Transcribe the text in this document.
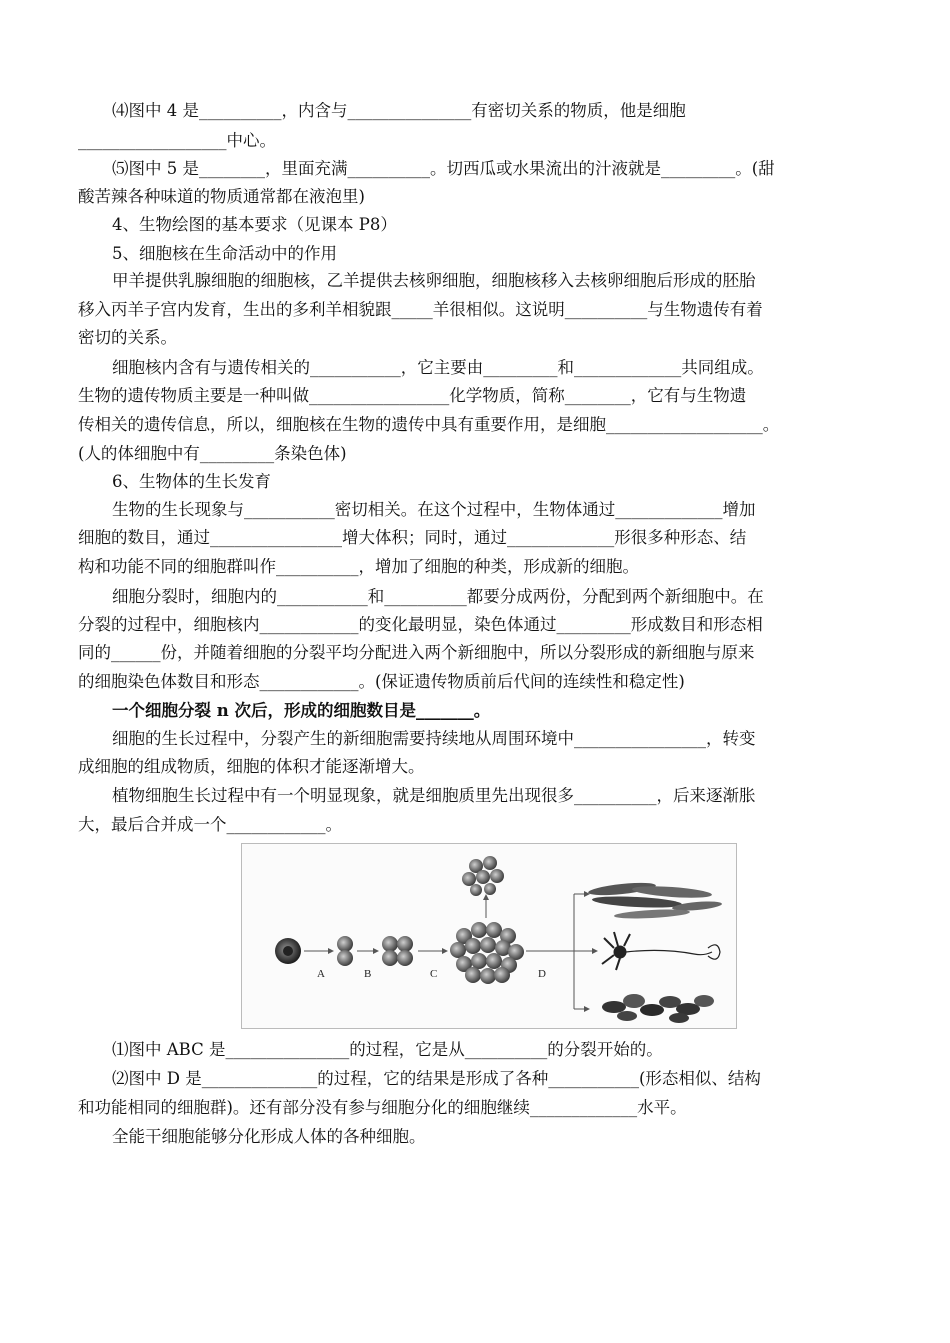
⑷图中 4 是__________，内含与_______________有密切关系的物质，他是细胞
__________________中心。
⑸图中 5 是________，里面充满__________。切西瓜或水果流出的汁液就是_________。(甜
酸苦辣各种味道的物质通常都在液泡里)
4、生物绘图的基本要求（见课本 P8）
5、细胞核在生命活动中的作用
甲羊提供乳腺细胞的细胞核，乙羊提供去核卵细胞，细胞核移入去核卵细胞后形成的胚胎
移入丙羊子宫内发育，生出的多利羊相貌跟_____羊很相似。这说明__________与生物遗传有着
密切的关系。
细胞核内含有与遗传相关的___________，它主要由_________和_____________共同组成。
生物的遗传物质主要是一种叫做_________________化学物质，简称________，它有与生物遗
传相关的遗传信息，所以，细胞核在生物的遗传中具有重要作用，是细胞___________________。
(人的体细胞中有_________条染色体)
6、生物体的生长发育
生物的生长现象与___________密切相关。在这个过程中，生物体通过_____________增加
细胞的数目，通过________________增大体积；同时，通过_____________形很多种形态、结
构和功能不同的细胞群叫作__________，增加了细胞的种类，形成新的细胞。
细胞分裂时，细胞内的___________和__________都要分成两份，分配到两个新细胞中。在
分裂的过程中，细胞核内____________的变化最明显，染色体通过_________形成数目和形态相
同的______份，并随着细胞的分裂平均分配进入两个新细胞中，所以分裂形成的新细胞与原来
的细胞染色体数目和形态____________。(保证遗传物质前后代间的连续性和稳定性)
一个细胞分裂 n 次后，形成的细胞数目是_______。
细胞的生长过程中，分裂产生的新细胞需要持续地从周围环境中________________，转变
成细胞的组成物质，细胞的体积才能逐渐增大。
植物细胞生长过程中有一个明显现象，就是细胞质里先出现很多__________，后来逐渐胀
大，最后合并成一个____________。
A	B	C	D
⑴图中 ABC 是_______________的过程，它是从__________的分裂开始的。
⑵图中 D 是______________的过程，它的结果是形成了各种___________(形态相似、结构
和功能相同的细胞群)。还有部分没有参与细胞分化的细胞继续_____________水平。
全能干细胞能够分化形成人体的各种细胞。
